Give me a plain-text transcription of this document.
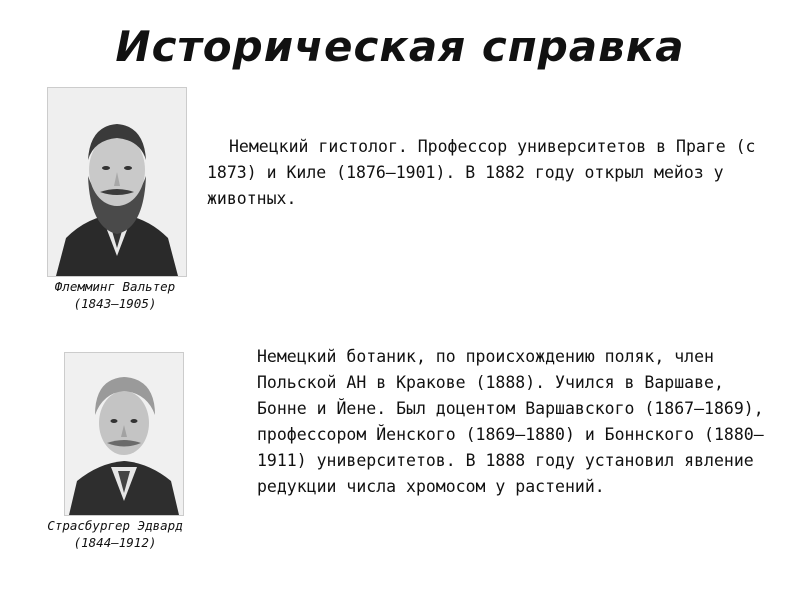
Историческая справка
Флемминг Вальтер
(1843–1905)
Немецкий гистолог. Профессор университетов в Праге (с 1873) и Киле (1876–1901). В 1882 году открыл мейоз у животных.
Страсбургер Эдвард
(1844–1912)
Немецкий ботаник, по происхождению поляк, член Польской АН в Кракове (1888). Учился в Варшаве, Бонне и Йене. Был доцентом Варшавского (1867–1869), профессором Йенского (1869–1880) и Боннского (1880–1911) университетов. В 1888 году установил явление редукции числа хромосом у растений.
